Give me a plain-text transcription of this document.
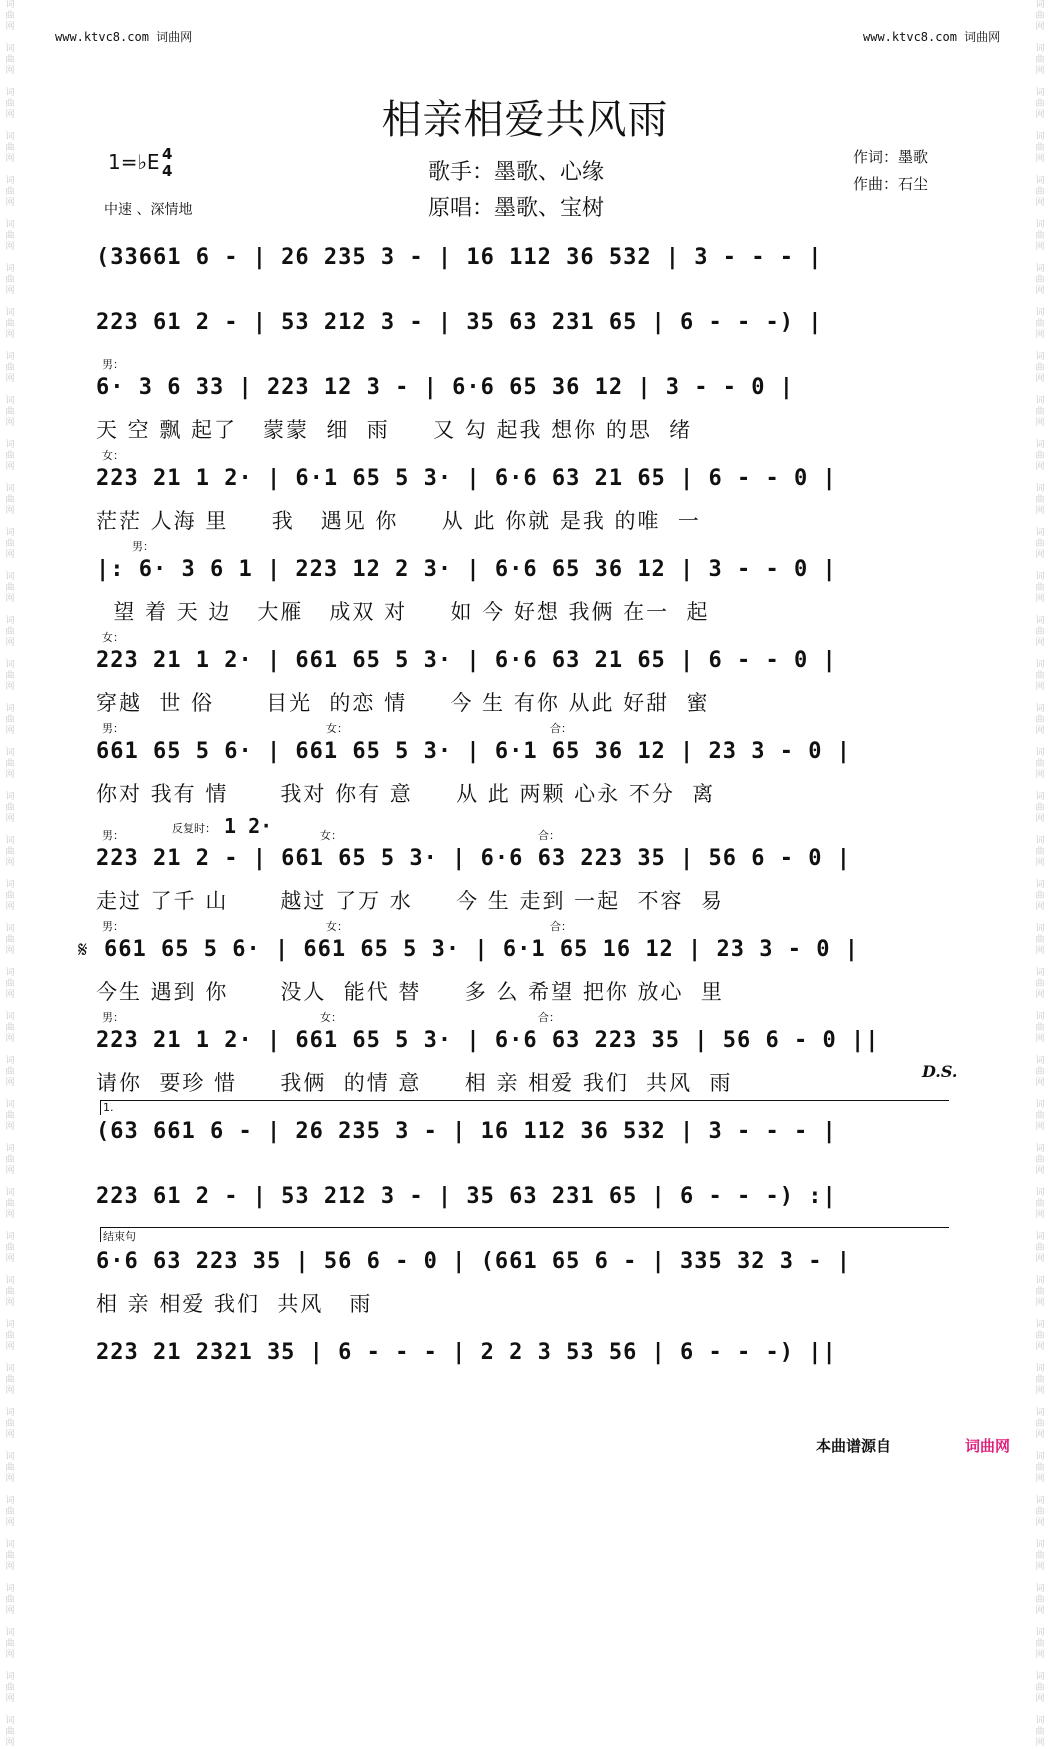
词
曲
网

词
曲
网

词
曲
网

词
曲
网

词
曲
网

词
曲
网

词
曲
网

词
曲
网

词
曲
网

词
曲
网

词
曲
网

词
曲
网

词
曲
网

词
曲
网

词
曲
网

词
曲
网

词
曲
网

词
曲
网

词
曲
网

词
曲
网

词
曲
网

词
曲
网

词
曲
网

词
曲
网

词
曲
网

词
曲
网

词
曲
网

词
曲
网

词
曲
网

词
曲
网

词
曲
网

词
曲
网

词
曲
网

词
曲
网

词
曲
网

词
曲
网

词
曲
网

词
曲
网

词
曲
网

词
曲
网

词
曲
网

词
曲
网

词
曲
网

词
曲
网

词
曲
网

词
曲
网

词
曲
网

词
曲
网

词
曲
网

词
曲
网

词
曲
网

词
曲
网

词
曲
网

词
曲
网

词
曲
网

词
曲
网

词
曲
网

词
曲
网

词
曲
网

词
曲
网

词
曲
网

词
曲
网

词
曲
网

词
曲
网

词
曲
网

词
曲
网

词
曲
网

词
曲
网

词
曲
网

词
曲
网

词
曲
网

词
曲
网

词
曲
网

词
曲
网

词
曲
网

词
曲
网

词
曲
网

词
曲
网

词
曲
网

词
曲
网

www.ktvc8.com 词曲网	www.ktvc8.com 词曲网
相亲相爱共风雨
1=♭E 4
4
中速 、深情地
歌手：墨歌、心缘
原唱：墨歌、宝树
作词：墨歌
作曲：石尘
(33661 6 - | 26 235 3 - | 16 112 36 532 | 3 - - - |
223 61 2 - | 53 212 3 - | 35 63 231 65 | 6 - - -) |
6· 3 6 33 | 223 12 3 - | 6·6 65 36 12 | 3 - - 0 |
天 空 飘 起了   蒙蒙  细  雨     又 勾 起我 想你 的思  绪
223 21 1 2· | 6·1 65 5 3· | 6·6 63 21 65 | 6 - - 0 |
茫茫 人海 里     我   遇见 你     从 此 你就 是我 的唯  一
|: 6· 3 6 1 | 223 12 2 3· | 6·6 65 36 12 | 3 - - 0 |
望 着 天 边   大雁   成双 对     如 今 好想 我俩 在一  起
223 21 1 2· | 661 65 5 3· | 6·6 63 21 65 | 6 - - 0 |
穿越  世 俗      目光  的恋 情     今 生 有你 从此 好甜  蜜
661 65 5 6· | 661 65 5 3· | 6·1 65 36 12 | 23 3 - 0 |
你对 我有 情      我对 你有 意     从 此 两颗 心永 不分  离
223 21 2 - | 661 65 5 3· | 6·6 63 223 35 | 56 6 - 0 |
走过 了千 山      越过 了万 水     今 生 走到 一起  不容  易
661 65 5 6· | 661 65 5 3· | 6·1 65 16 12 | 23 3 - 0 |
今生 遇到 你      没人  能代 替     多 么 希望 把你 放心  里
223 21 1 2· | 661 65 5 3· | 6·6 63 223 35 | 56 6 - 0 ||
请你  要珍 惜     我俩  的情 意     相 亲 相爱 我们  共风  雨
(63 661 6 - | 26 235 3 - | 16 112 36 532 | 3 - - - |
223 61 2 - | 53 212 3 - | 35 63 231 65 | 6 - - -) :|
6·6 63 223 35 | 56 6 - 0 | (661 65 6 - | 335 32 3 - |
相 亲 相爱 我们  共风   雨
223 21 2321 35 | 6 - - - | 2 2 3 53 56 | 6 - - -) ||
男：
女：
男：
女：
男：	女：	合：
男：
反复时： 1 2·	女：	合：
男：	女：	合：
男：	女：	合：
𝄋
D.S.
1.
结束句
本曲谱源自	词曲网
